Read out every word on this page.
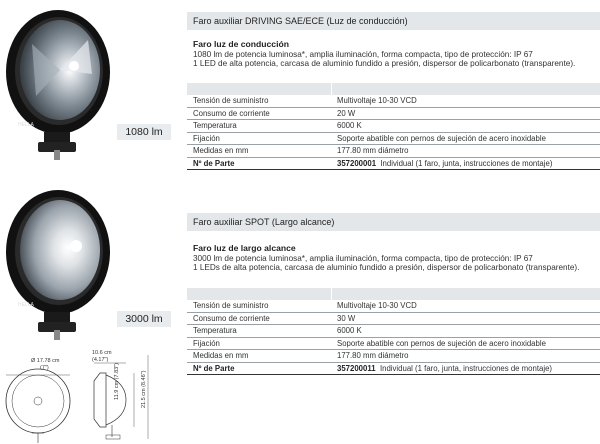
HELLA
1080 lm
HELLA
3000 lm
Ø 17.78 cm
(7")
10.6 cm
(4.17")
11.9 cm (7.83")	21.5 cm (8.46")
Faro auxiliar DRIVING SAE/ECE (Luz de conducción)
Faro luz de conducción
1080 lm de potencia luminosa*, amplia iluminación, forma compacta, tipo de protección: IP 67
1 LED de alta potencia, carcasa de aluminio fundido a presión, dispersor de policarbonato (transparente).
Tensión de suministro	Multivoltaje 10-30 VCD
Consumo de corriente	20 W
Temperatura	6000 K
Fijación	Soporte abatible con pernos de sujeción de acero inoxidable
Medidas en mm	177.80 mm diámetro
Nº de Parte	357200001 Individual (1 faro, junta, instrucciones de montaje)
Faro auxiliar SPOT (Largo alcance)
Faro luz de largo alcance
3000 lm de potencia luminosa*, amplia iluminación, forma compacta, tipo de protección: IP 67
1 LEDs de alta potencia, carcasa de aluminio fundido a presión, dispersor de policarbonato (transparente).
Tensión de suministro	Multivoltaje 10-30 VCD
Consumo de corriente	30 W
Temperatura	6000 K
Fijación	Soporte abatible con pernos de sujeción de acero inoxidable
Medidas en mm	177.80 mm diámetro
Nº de Parte	357200011 Individual (1 faro, junta, instrucciones de montaje)
